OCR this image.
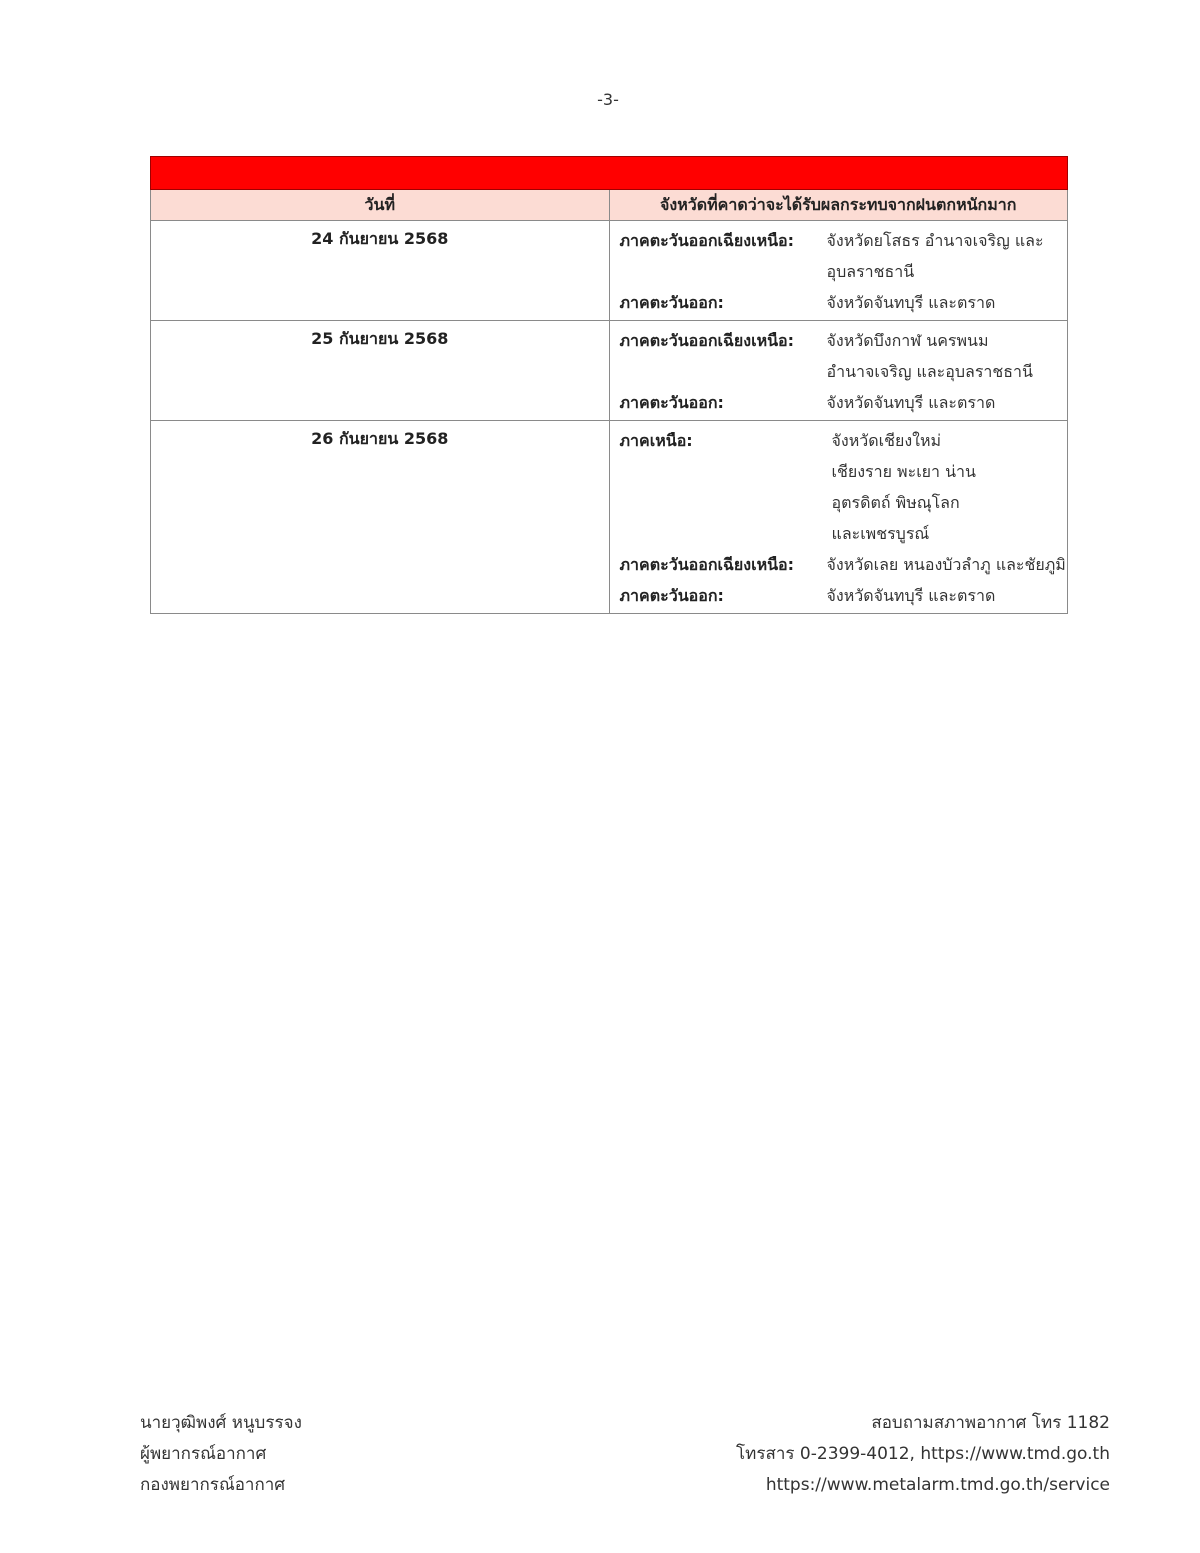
-3-

วันที่	จังหวัดที่คาดว่าจะได้รับผลกระทบจากฝนตกหนักมาก
24 กันยายน 2568	ภาคตะวันออกเฉียงเหนือ: จังหวัดยโสธร อำนาจเจริญ และอุบลราชธานี
ภาคตะวันออก: จังหวัดจันทบุรี และตราด

25 กันยายน 2568	ภาคตะวันออกเฉียงเหนือ: จังหวัดบึงกาฬ นครพนม อำนาจเจริญ และอุบลราชธานี
ภาคตะวันออก: จังหวัดจันทบุรี และตราด

26 กันยายน 2568	ภาคเหนือ:	จังหวัดเชียงใหม่ เชียงราย พะเยา น่าน อุตรดิตถ์ พิษณุโลก และเพชรบูรณ์
ภาคตะวันออกเฉียงเหนือ:	จังหวัดเลย หนองบัวลำภู และชัยภูมิ
ภาคตะวันออก:	จังหวัดจันทบุรี และตราด
นายวุฒิพงศ์ หนูบรรจง
ผู้พยากรณ์อากาศ
กองพยากรณ์อากาศ
สอบถามสภาพอากาศ โทร 1182
โทรสาร 0-2399-4012, https://www.tmd.go.th
https://www.metalarm.tmd.go.th/service
